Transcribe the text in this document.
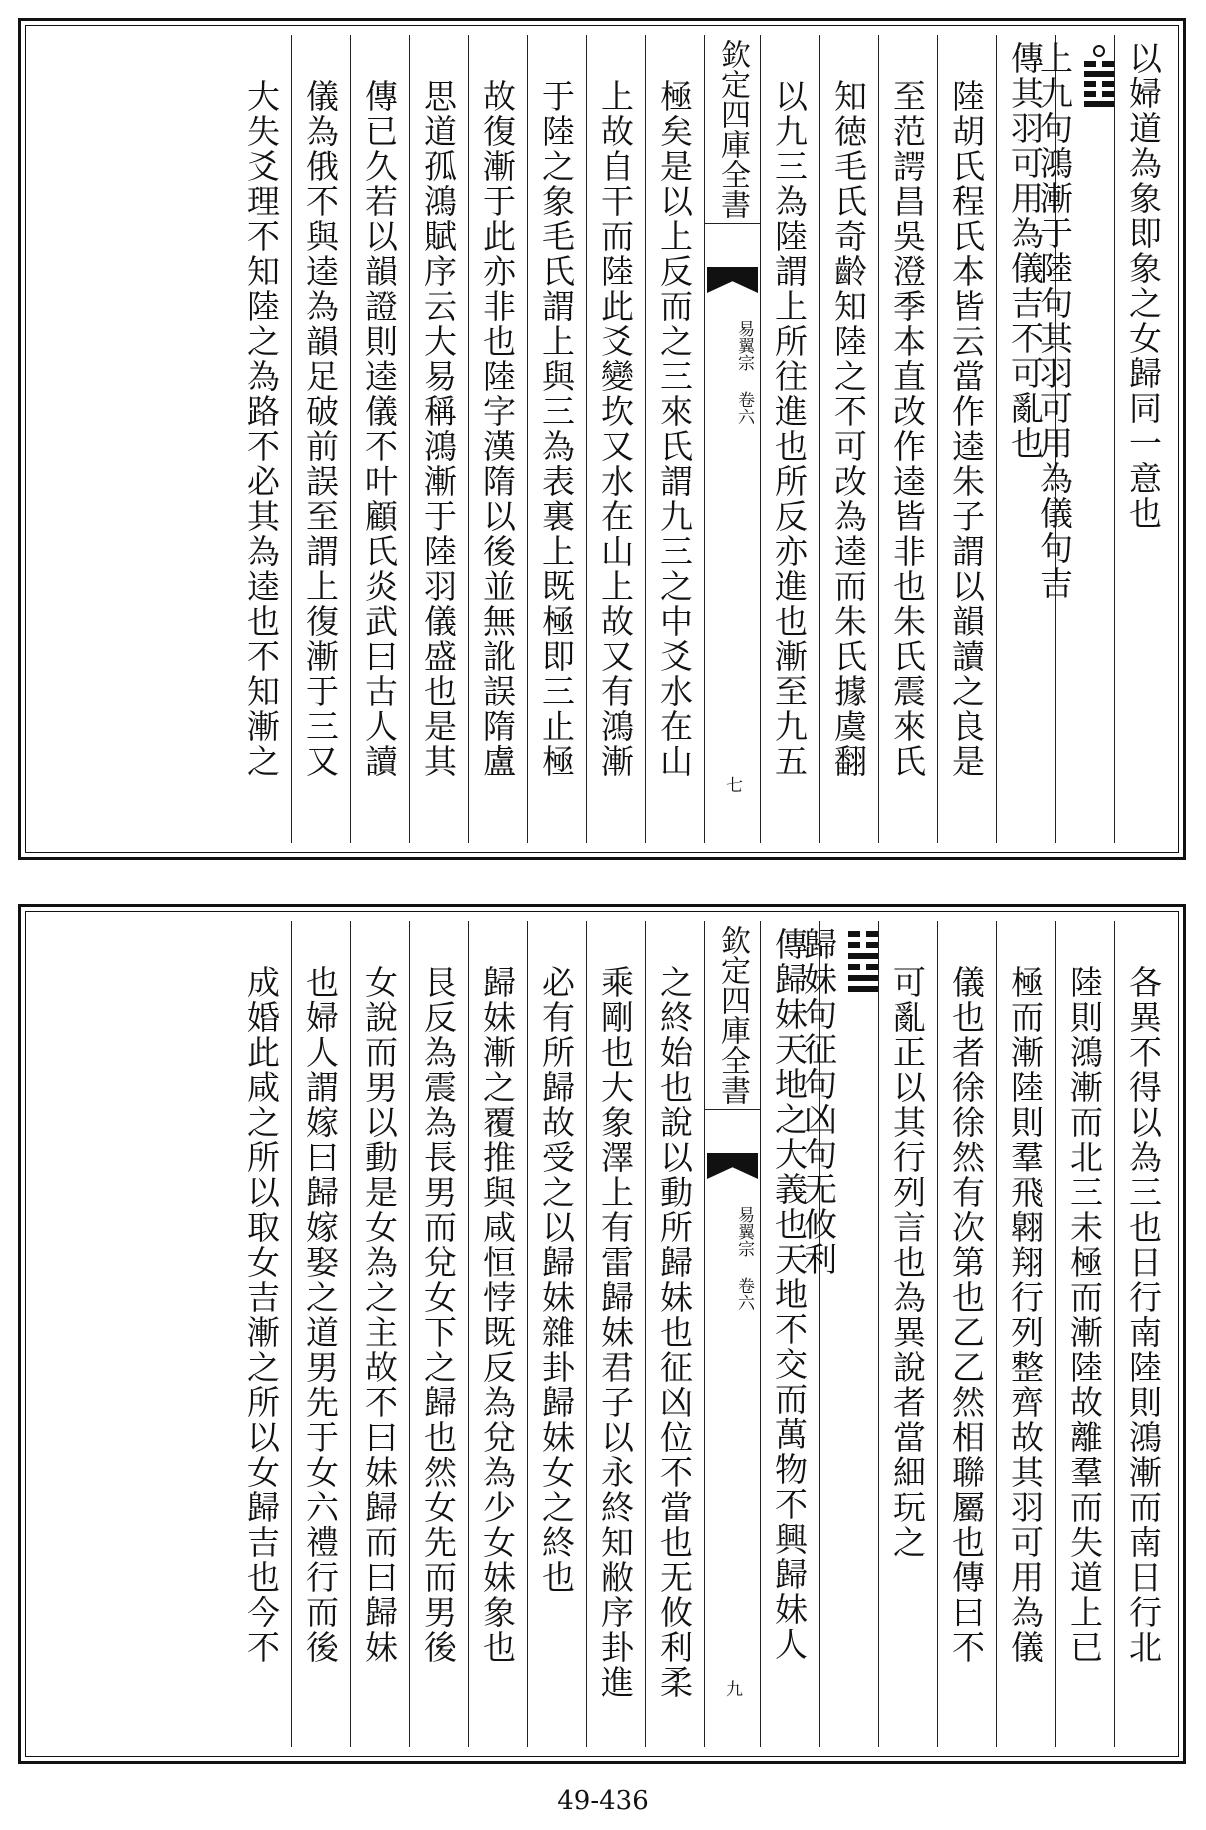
以婦道為象即象之女歸同一意也
上九句鴻漸于陸句其羽可用為儀句吉
傳其羽可用為儀吉不可亂也
陸胡氏程氏本皆云當作逵朱子謂以韻讀之良是
至范諤昌吳澄季本直改作逵皆非也朱氏震來氏
知徳毛氏奇齡知陸之不可改為逵而朱氏據虞翻
以九三為陸謂上所往進也所反亦進也漸至九五
欽定四庫全書
易翼宗 卷六
七
極矣是以上反而之三來氏謂九三之中爻水在山
上故自干而陸此爻變坎又水在山上故又有鴻漸
于陸之象毛氏謂上與三為表裏上既極即三止極
故復漸于此亦非也陸字漢隋以後並無訛誤隋盧
思道孤鴻賦序云大易稱鴻漸于陸羽儀盛也是其
傳已久若以韻證則逵儀不叶顧氏炎武曰古人讀
儀為俄不與逵為韻足破前誤至謂上復漸于三又
大失爻理不知陸之為路不必其為逵也不知漸之
各異不得以為三也日行南陸則鴻漸而南日行北
陸則鴻漸而北三未極而漸陸故離羣而失道上已
極而漸陸則羣飛翺翔行列整齊故其羽可用為儀
儀也者徐徐然有次第也乙乙然相聯屬也傳曰不
可亂正以其行列言也為異說者當細玩之
歸妹句征句凶句无攸利
傳歸妹天地之大義也天地不交而萬物不興歸妹人
欽定四庫全書
易翼宗 卷六
九
之終始也說以動所歸妹也征凶位不當也无攸利柔
乘剛也大象澤上有雷歸妹君子以永終知敝序卦進
必有所歸故受之以歸妹雜卦歸妹女之終也
歸妹漸之覆推與咸恒悖既反為兌為少女妹象也
艮反為震為長男而兌女下之歸也然女先而男後
女說而男以動是女為之主故不曰妹歸而曰歸妹
也婦人謂嫁曰歸嫁娶之道男先于女六禮行而後
成婚此咸之所以取女吉漸之所以女歸吉也今不
49-436
